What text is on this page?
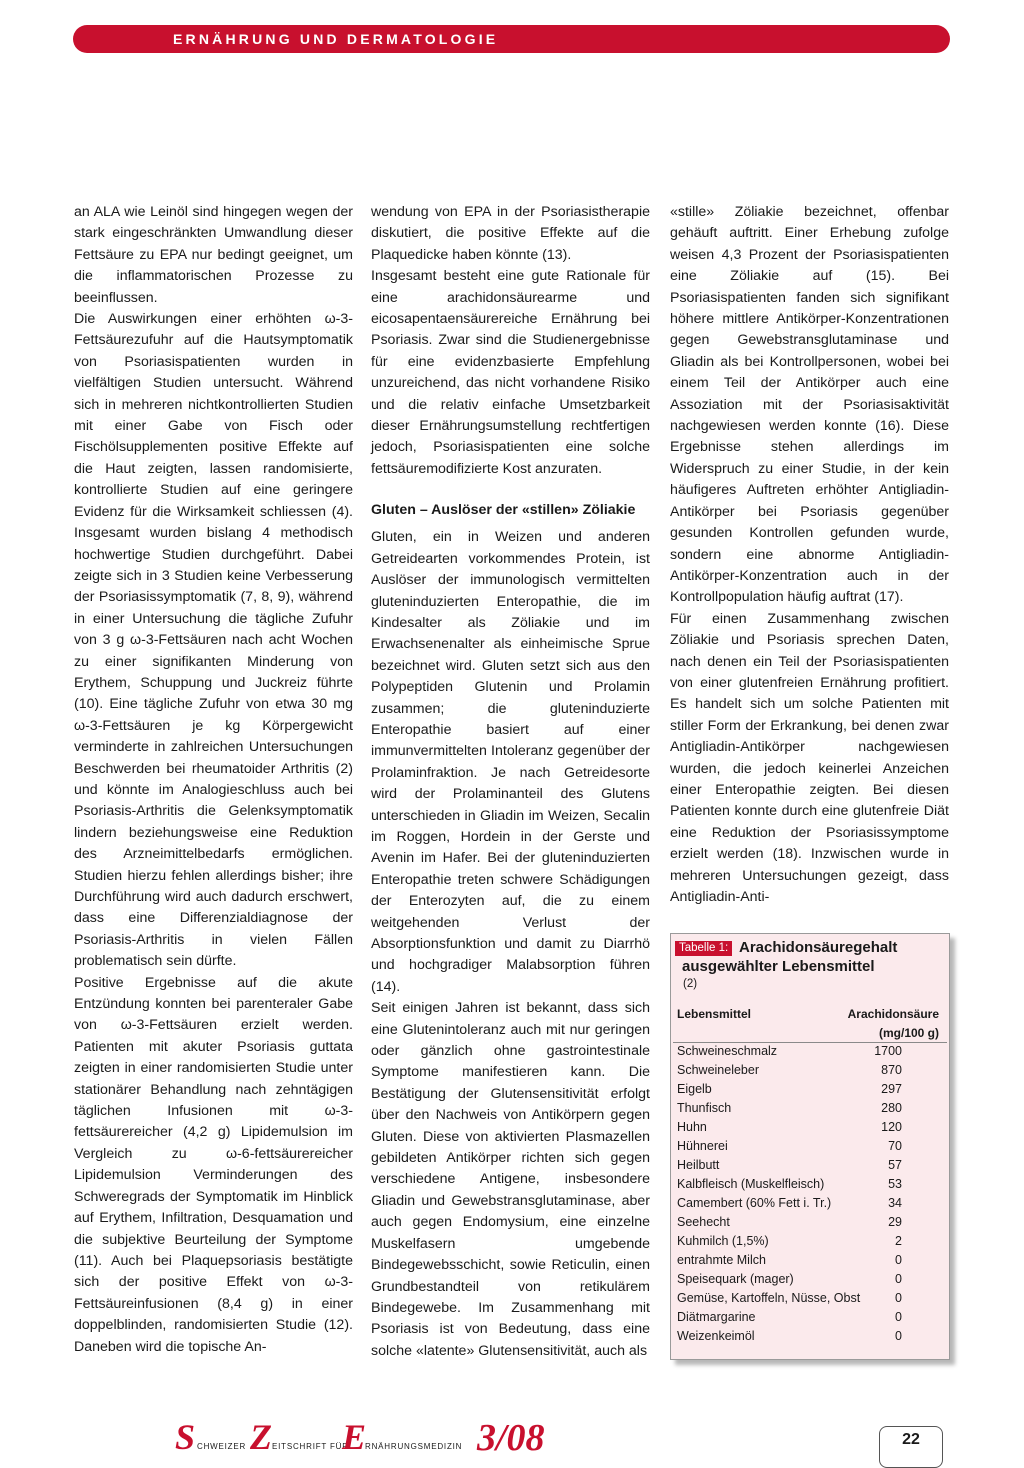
ERNÄHRUNG UND DERMATOLOGIE

an ALA wie Leinöl sind hingegen wegen der stark eingeschränkten Umwandlung dieser Fettsäure zu EPA nur bedingt geeignet, um die inflammatorischen Prozesse zu beeinflussen.

Die Auswirkungen einer erhöhten ω-3-Fettsäurezufuhr auf die Hautsymptomatik von Psoriasispatienten wurden in vielfältigen Studien untersucht. Während sich in mehreren nichtkontrollierten Studien mit einer Gabe von Fisch oder Fischölsupplementen positive Effekte auf die Haut zeigten, lassen randomisierte, kontrollierte Studien auf eine geringere Evidenz für die Wirksamkeit schliessen (4). Insgesamt wurden bislang 4 methodisch hochwertige Studien durchgeführt. Dabei zeigte sich in 3 Studien keine Verbesserung der Psoriasissymptomatik (7, 8, 9), während in einer Untersuchung die tägliche Zufuhr von 3 g ω-3-Fettsäuren nach acht Wochen zu einer signifikanten Minderung von Erythem, Schuppung und Juckreiz führte (10). Eine tägliche Zufuhr von etwa 30 mg ω-3-Fettsäuren je kg Körpergewicht verminderte in zahlreichen Untersuchungen Beschwerden bei rheumatoider Arthritis (2) und könnte im Analogieschluss auch bei Psoriasis-Arthritis die Gelenksymptomatik lindern beziehungsweise eine Reduktion des Arzneimittelbedarfs ermöglichen. Studien hierzu fehlen allerdings bisher; ihre Durchführung wird auch dadurch erschwert, dass eine Differenzialdiagnose der Psoriasis-Arthritis in vielen Fällen problematisch sein dürfte.

Positive Ergebnisse auf die akute Entzündung konnten bei parenteraler Gabe von ω-3-Fettsäuren erzielt werden. Patienten mit akuter Psoriasis guttata zeigten in einer randomisierten Studie unter stationärer Behandlung nach zehntägigen täglichen Infusionen mit ω-3-fettsäurereicher (4,2 g) Lipidemulsion im Vergleich zu ω-6-fettsäurereicher Lipidemulsion Verminderungen des Schweregrads der Symptomatik im Hinblick auf Erythem, Infiltration, Desquamation und die subjektive Beurteilung der Symptome (11). Auch bei Plaquepsoriasis bestätigte sich der positive Effekt von ω-3-Fettsäureinfusionen (8,4 g) in einer doppelblinden, randomisierten Studie (12). Daneben wird die topische An-

wendung von EPA in der Psoriasistherapie diskutiert, die positive Effekte auf die Plaquedicke haben könnte (13).

Insgesamt besteht eine gute Rationale für eine arachidonsäurearme und eicosapentaensäurereiche Ernährung bei Psoriasis. Zwar sind die Studienergebnisse für eine evidenzbasierte Empfehlung unzureichend, das nicht vorhandene Risiko und die relativ einfache Umsetzbarkeit dieser Ernährungsumstellung rechtfertigen jedoch, Psoriasispatienten eine solche fettsäuremodifizierte Kost anzuraten.

Gluten – Auslöser der «stillen» Zöliakie

Gluten, ein in Weizen und anderen Getreidearten vorkommendes Protein, ist Auslöser der immunologisch vermittelten gluteninduzierten Enteropathie, die im Kindesalter als Zöliakie und im Erwachsenenalter als einheimische Sprue bezeichnet wird. Gluten setzt sich aus den Polypeptiden Glutenin und Prolamin zusammen; die gluteninduzierte Enteropathie basiert auf einer immunvermittelten Intoleranz gegenüber der Prolaminfraktion. Je nach Getreidesorte wird der Prolaminanteil des Glutens unterschieden in Gliadin im Weizen, Secalin im Roggen, Hordein in der Gerste und Avenin im Hafer. Bei der gluteninduzierten Enteropathie treten schwere Schädigungen der Enterozyten auf, die zu einem weitgehenden Verlust der Absorptionsfunktion und damit zu Diarrhö und hochgradiger Malabsorption führen (14).

Seit einigen Jahren ist bekannt, dass sich eine Glutenintoleranz auch mit nur geringen oder gänzlich ohne gastrointestinale Symptome manifestieren kann. Die Bestätigung der Glutensensitivität erfolgt über den Nachweis von Antikörpern gegen Gluten. Diese von aktivierten Plasmazellen gebildeten Antikörper richten sich gegen verschiedene Antigene, insbesondere Gliadin und Gewebstransglutaminase, aber auch gegen Endomysium, eine einzelne Muskelfasern umgebende Bindegewebsschicht, sowie Reticulin, einen Grundbestandteil von retikulärem Bindegewebe. Im Zusammenhang mit Psoriasis ist von Bedeutung, dass eine solche «latente» Glutensensitivität, auch als

«stille» Zöliakie bezeichnet, offenbar gehäuft auftritt. Einer Erhebung zufolge weisen 4,3 Prozent der Psoriasispatienten eine Zöliakie auf (15). Bei Psoriasispatienten fanden sich signifikant höhere mittlere Antikörper-Konzentrationen gegen Gewebstransglutaminase und Gliadin als bei Kontrollpersonen, wobei bei einem Teil der Antikörper auch eine Assoziation mit der Psoriasisaktivität nachgewiesen werden konnte (16). Diese Ergebnisse stehen allerdings im Widerspruch zu einer Studie, in der kein häufigeres Auftreten erhöhter Antigliadin-Antikörper bei Psoriasis gegenüber gesunden Kontrollen gefunden wurde, sondern eine abnorme Antigliadin-Antikörper-Konzentration auch in der Kontrollpopulation häufig auftrat (17).

Für einen Zusammenhang zwischen Zöliakie und Psoriasis sprechen Daten, nach denen ein Teil der Psoriasispatienten von einer glutenfreien Ernährung profitiert. Es handelt sich um solche Patienten mit stiller Form der Erkrankung, bei denen zwar Antigliadin-Antikörper nachgewiesen wurden, die jedoch keinerlei Anzeichen einer Enteropathie zeigten. Bei diesen Patienten konnte durch eine glutenfreie Diät eine Reduktion der Psoriasissymptome erzielt werden (18). Inzwischen wurde in mehreren Untersuchungen gezeigt, dass Antigliadin-Anti-

Tabelle 1: Arachidonsäuregehalt ausgewählter Lebensmittel
(2)
Lebensmittel	Arachidonsäure (mg/100 g)
Schweineschmalz	1700
Schweineleber	870
Eigelb	297
Thunfisch	280
Huhn	120
Hühnerei	70
Heilbutt	57
Kalbfleisch (Muskelfleisch)	53
Camembert (60% Fett i. Tr.)	34
Seehecht	29
Kuhmilch (1,5%)	2
entrahmte Milch	0
Speisequark (mager)	0
Gemüse, Kartoffeln, Nüsse, Obst	0
Diätmargarine	0
Weizenkeimöl	0
S CHWEIZER Z EITSCHRIFT FÜR
E
RNÄHRUNGSMEDIZIN 3/08	22
